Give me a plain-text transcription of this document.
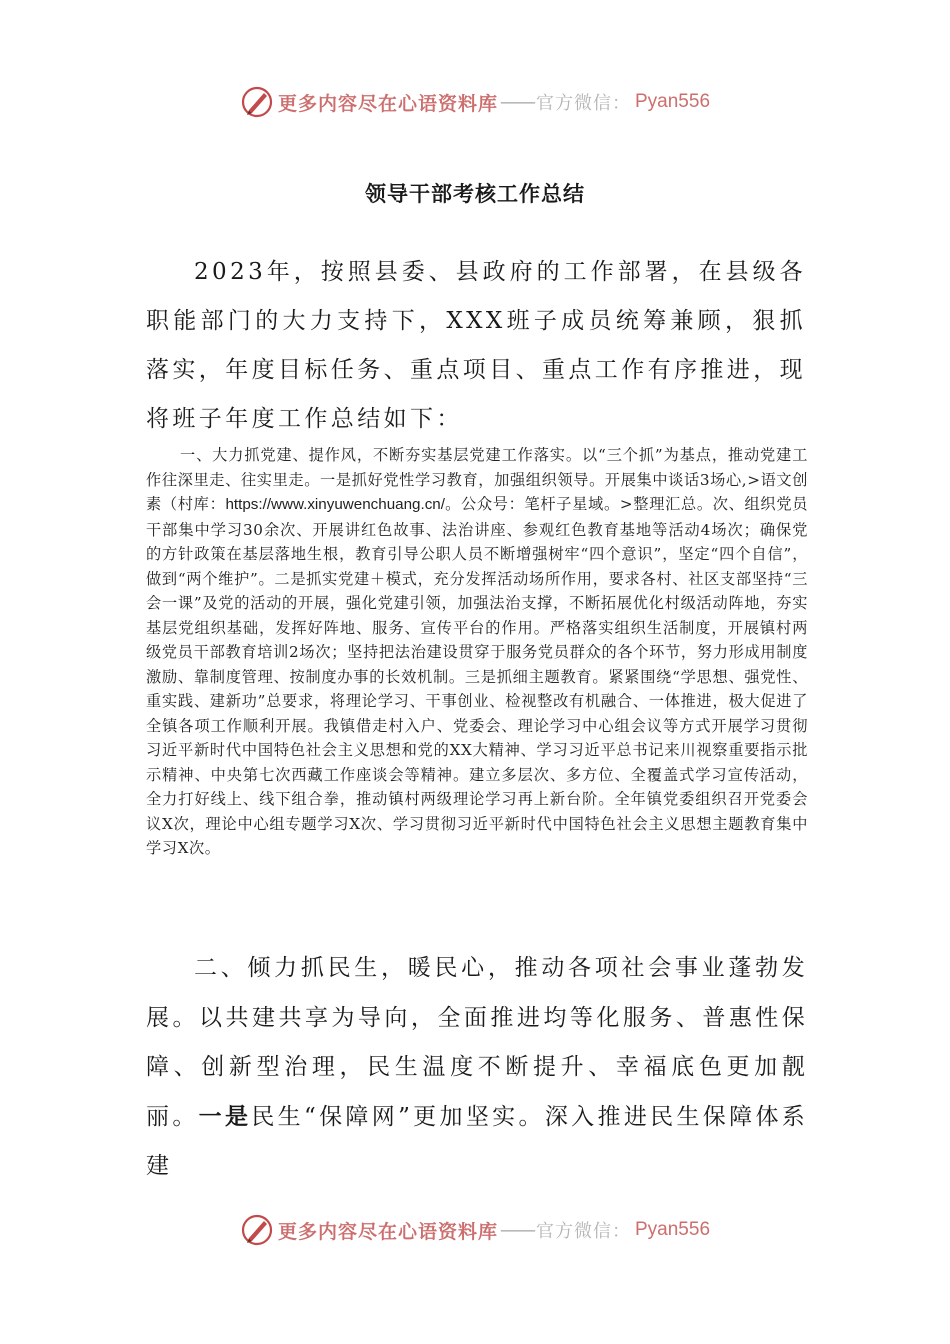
更多内容尽在心语资料库 —— 官方微信： Pyan556
领导干部考核工作总结

2023年，按照县委、县政府的工作部署，在县级各职能部门的大力支持下，XXX班子成员统筹兼顾，狠抓落实，年度目标任务、重点项目、重点工作有序推进，现将班子年度工作总结如下：

一、大力抓党建、提作风，不断夯实基层党建工作落实。以“三个抓”为基点，推动党建工作往深里走、往实里走。一是抓好党性学习教育，加强组织领导。开展集中谈话3场心,>语文创素（村库：https://www.xinyuwenchuang.cn/。公众号：笔杆子星域。>整理汇总。次、组织党员干部集中学习30余次、开展讲红色故事、法治讲座、参观红色教育基地等活动4场次；确保党的方针政策在基层落地生根，教育引导公职人员不断增强树牢“四个意识”，坚定“四个自信”，做到“两个维护”。二是抓实党建＋模式，充分发挥活动场所作用，要求各村、社区支部坚持“三会一课”及党的活动的开展，强化党建引领，加强法治支撑，不断拓展优化村级活动阵地，夯实基层党组织基础，发挥好阵地、服务、宣传平台的作用。严格落实组织生活制度，开展镇村两级党员干部教育培训2场次；坚持把法治建设贯穿于服务党员群众的各个环节，努力形成用制度激励、靠制度管理、按制度办事的长效机制。三是抓细主题教育。紧紧围绕“学思想、强党性、重实践、建新功”总要求，将理论学习、干事创业、检视整改有机融合、一体推进，极大促进了全镇各项工作顺利开展。我镇借走村入户、党委会、理论学习中心组会议等方式开展学习贯彻习近平新时代中国特色社会主义思想和党的XX大精神、学习习近平总书记来川视察重要指示批示精神、中央第七次西藏工作座谈会等精神。建立多层次、多方位、全覆盖式学习宣传活动，全力打好线上、线下组合拳，推动镇村两级理论学习再上新台阶。全年镇党委组织召开党委会议X次，理论中心组专题学习X次、学习贯彻习近平新时代中国特色社会主义思想主题教育集中学习X次。

二、倾力抓民生，暖民心，推动各项社会事业蓬勃发展。以共建共享为导向，全面推进均等化服务、普惠性保障、创新型治理，民生温度不断提升、幸福底色更加靓丽。一是民生“保障网”更加坚实。深入推进民生保障体系建

更多内容尽在心语资料库 —— 官方微信： Pyan556
